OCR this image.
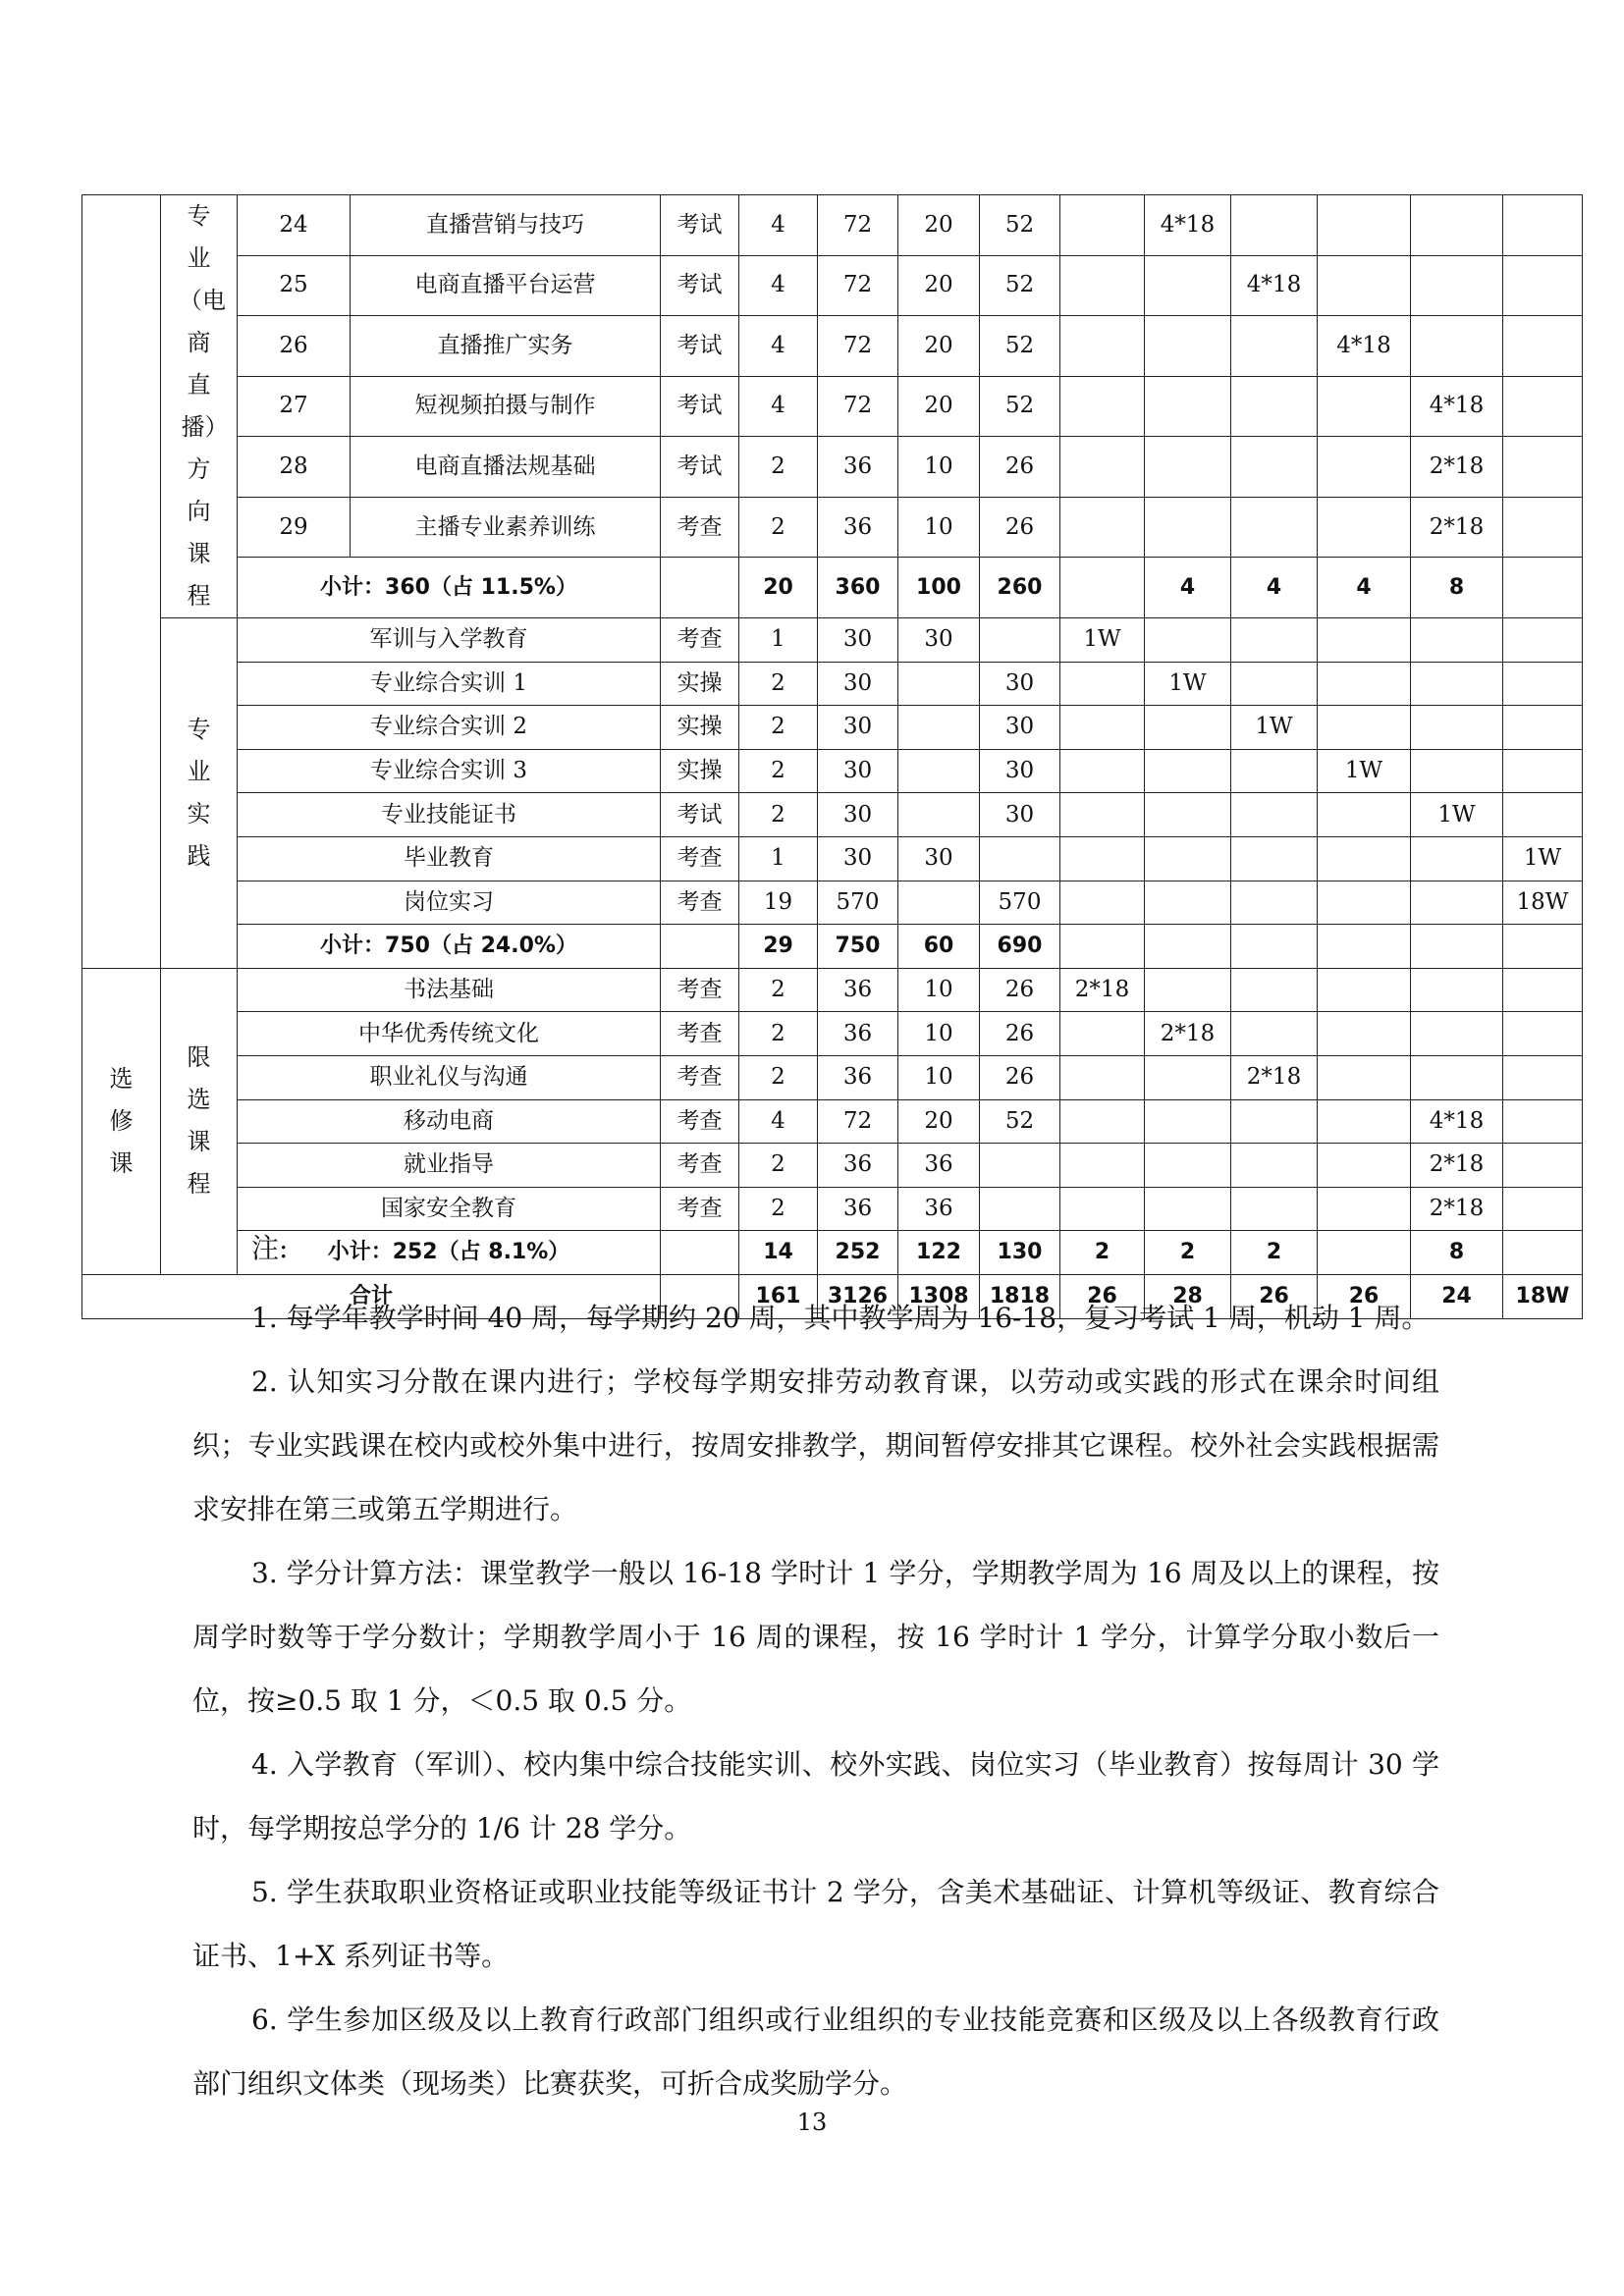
	专业（电商直播）方向课程	24	直播营销与技巧	考试	4	72	20	52		4*18				
		25	电商直播平台运营	考试	4	72	20	52			4*18			
		26	直播推广实务	考试	4	72	20	52				4*18		
		27	短视频拍摄与制作	考试	4	72	20	52					4*18	
		28	电商直播法规基础	考试	2	36	10	26					2*18	
		29	主播专业素养训练	考查	2	36	10	26					2*18	
		小计：360（占 11.5%）			20	360	100	260		4	4	4	8	
	专业实践	军训与入学教育		考查	1	30	30		1W					
		专业综合实训 1		实操	2	30		30		1W				
		专业综合实训 2		实操	2	30		30			1W			
		专业综合实训 3		实操	2	30		30				1W		
		专业技能证书		考试	2	30		30					1W	
		毕业教育		考查	1	30	30							1W
		岗位实习		考查	19	570		570						18W
		小计：750（占 24.0%）			29	750	60	690						
选修课	限选课程	书法基础		考查	2	36	10	26	2*18					
		中华优秀传统文化		考查	2	36	10	26		2*18				
		职业礼仪与沟通		考查	2	36	10	26			2*18			
		移动电商		考查	4	72	20	52					4*18	
		就业指导		考查	2	36	36						2*18	
		国家安全教育		考查	2	36	36						2*18	
		小计：252（占 8.1%）			14	252	122	130	2	2	2		8	
合计					161	3126	1308	1818	26	28	26	26	24	18W
注:
1. 每学年教学时间 40 周，每学期约 20 周，其中教学周为 16-18，复习考试 1 周，机动 1 周。
2. 认知实习分散在课内进行；学校每学期安排劳动教育课，以劳动或实践的形式在课余时间组织；专业实践课在校内或校外集中进行，按周安排教学，期间暂停安排其它课程。校外社会实践根据需求安排在第三或第五学期进行。
3. 学分计算方法：课堂教学一般以 16-18 学时计 1 学分，学期教学周为 16 周及以上的课程，按周学时数等于学分数计；学期教学周小于 16 周的课程，按 16 学时计 1 学分，计算学分取小数后一位，按≥0.5 取 1 分，＜0.5 取 0.5 分。
4. 入学教育（军训）、校内集中综合技能实训、校外实践、岗位实习（毕业教育）按每周计 30 学时，每学期按总学分的 1/6 计 28 学分。
5. 学生获取职业资格证或职业技能等级证书计 2 学分，含美术基础证、计算机等级证、教育综合证书、1+X 系列证书等。
6. 学生参加区级及以上教育行政部门组织或行业组织的专业技能竞赛和区级及以上各级教育行政部门组织文体类（现场类）比赛获奖，可折合成奖励学分。
13
